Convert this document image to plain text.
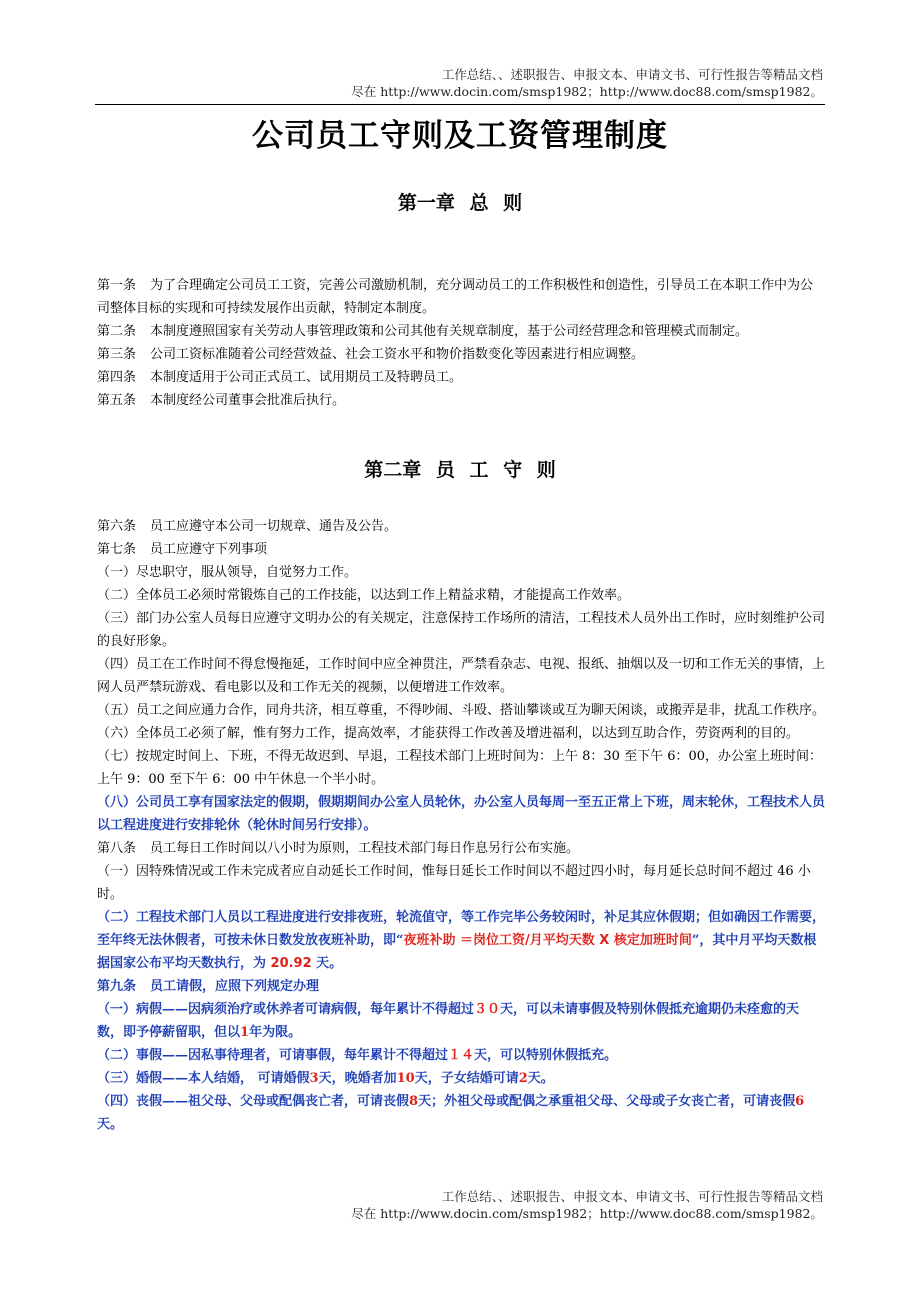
工作总结、、述职报告、申报文本、申请文书、可行性报告等精品文档
尽在 http://www.docin.com/smsp1982；http://www.doc88.com/smsp1982。
公司员工守则及工资管理制度
第一章 总 则

第一条 为了合理确定公司员工工资，完善公司激励机制，充分调动员工的工作积极性和创造性，引导员工在本职工作中为公司整体目标的实现和可持续发展作出贡献，特制定本制度。

第二条 本制度遵照国家有关劳动人事管理政策和公司其他有关规章制度，基于公司经营理念和管理模式而制定。

第三条 公司工资标准随着公司经营效益、社会工资水平和物价指数变化等因素进行相应调整。

第四条 本制度适用于公司正式员工、试用期员工及特聘员工。

第五条 本制度经公司董事会批准后执行。

第二章 员 工 守 则

第六条 员工应遵守本公司一切规章、通告及公告。

第七条 员工应遵守下列事项

（一）尽忠职守，服从领导，自觉努力工作。

（二）全体员工必须时常锻炼自己的工作技能，以达到工作上精益求精，才能提高工作效率。

（三）部门办公室人员每日应遵守文明办公的有关规定，注意保持工作场所的清洁，工程技术人员外出工作时，应时刻维护公司的良好形象。

（四）员工在工作时间不得怠慢拖延，工作时间中应全神贯注，严禁看杂志、电视、报纸、抽烟以及一切和工作无关的事情，上网人员严禁玩游戏、看电影以及和工作无关的视频，以便增进工作效率。

（五）员工之间应通力合作，同舟共济，相互尊重，不得吵闹、斗殴、搭讪攀谈或互为聊天闲谈，或搬弄是非，扰乱工作秩序。

（六）全体员工必须了解，惟有努力工作，提高效率，才能获得工作改善及增进福利，以达到互助合作，劳资两利的目的。

（七）按规定时间上、下班，不得无故迟到、早退，工程技术部门上班时间为：上午 8：30 至下午 6：00，办公室上班时间：上午 9：00 至下午 6：00 中午休息一个半小时。

（八）公司员工享有国家法定的假期，假期期间办公室人员轮休，办公室人员每周一至五正常上下班，周末轮休，工程技术人员以工程进度进行安排轮休（轮休时间另行安排）。

第八条 员工每日工作时间以八小时为原则，工程技术部门每日作息另行公布实施。

（一）因特殊情况或工作未完成者应自动延长工作时间，惟每日延长工作时间以不超过四小时，每月延长总时间不超过 46 小时。

（二）工程技术部门人员以工程进度进行安排夜班，轮流值守，等工作完毕公务较闲时，补足其应休假期；但如确因工作需要，至年终无法休假者，可按未休日数发放夜班补助，即“夜班补助 ＝岗位工资/月平均天数 X 核定加班时间”，其中月平均天数根据国家公布平均天数执行，为 20.92 天。

第九条 员工请假，应照下列规定办理

（一）病假——因病须治疗或休养者可请病假，每年累计不得超过３０天，可以未请事假及特别休假抵充逾期仍未痊愈的天数，即予停薪留职，但以1年为限。

（二）事假——因私事待理者，可请事假，每年累计不得超过１４天，可以特别休假抵充。

（三）婚假——本人结婚， 可请婚假3天，晚婚者加10天，子女结婚可请2天。

（四）丧假——祖父母、父母或配偶丧亡者，可请丧假8天；外祖父母或配偶之承重祖父母、父母或子女丧亡者，可请丧假6天。

工作总结、、述职报告、申报文本、申请文书、可行性报告等精品文档
尽在 http://www.docin.com/smsp1982；http://www.doc88.com/smsp1982。
